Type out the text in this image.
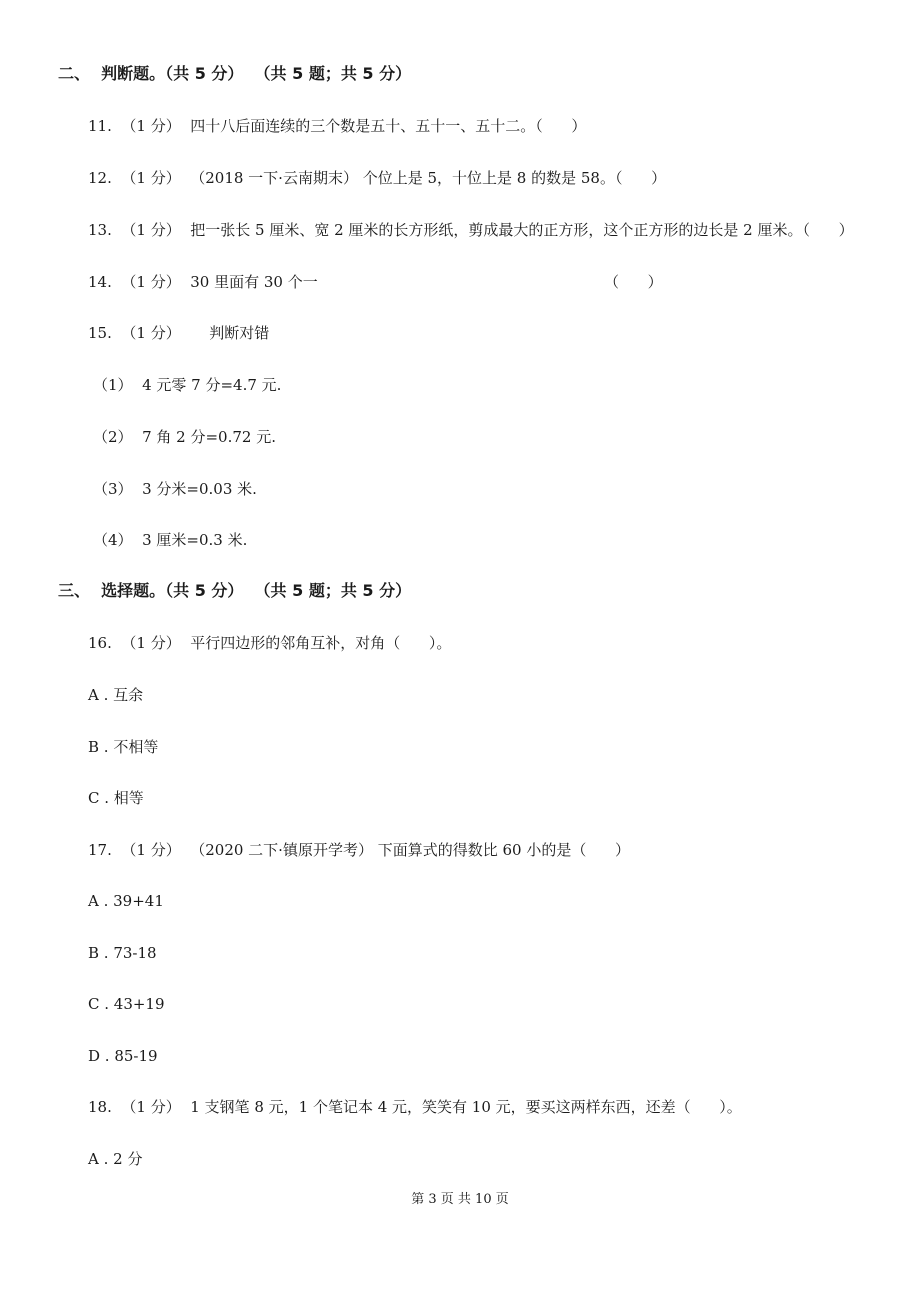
二、  判断题。（共 5 分）  （共 5 题；共 5 分）
11.  （1 分）  四十八后面连续的三个数是五十、五十一、五十二。（      ）
12.  （1 分）  （2018 一下·云南期末） 个位上是 5，十位上是 8 的数是 58。（      ）
13.  （1 分）  把一张长 5 厘米、宽 2 厘米的长方形纸，剪成最大的正方形，这个正方形的边长是 2 厘米。（      ）
14.  （1 分）  30 里面有 30 个一	（      ）
15.  （1 分）      判断对错
（1）  4 元零 7 分=4.7 元.
（2）  7 角 2 分=0.72 元.
（3）  3 分米=0.03 米.
（4）  3 厘米=0.3 米.
三、  选择题。（共 5 分）  （共 5 题；共 5 分）
16.  （1 分）  平行四边形的邻角互补，对角（      ）。
A . 互余
B . 不相等
C . 相等
17.  （1 分）  （2020 二下·镇原开学考） 下面算式的得数比 60 小的是（      ）
A . 39+41
B . 73-18
C . 43+19
D . 85-19
18.  （1 分）  1 支钢笔 8 元，1 个笔记本 4 元，笑笑有 10 元，要买这两样东西，还差（      ）。
A . 2 分
第 3 页 共 10 页
